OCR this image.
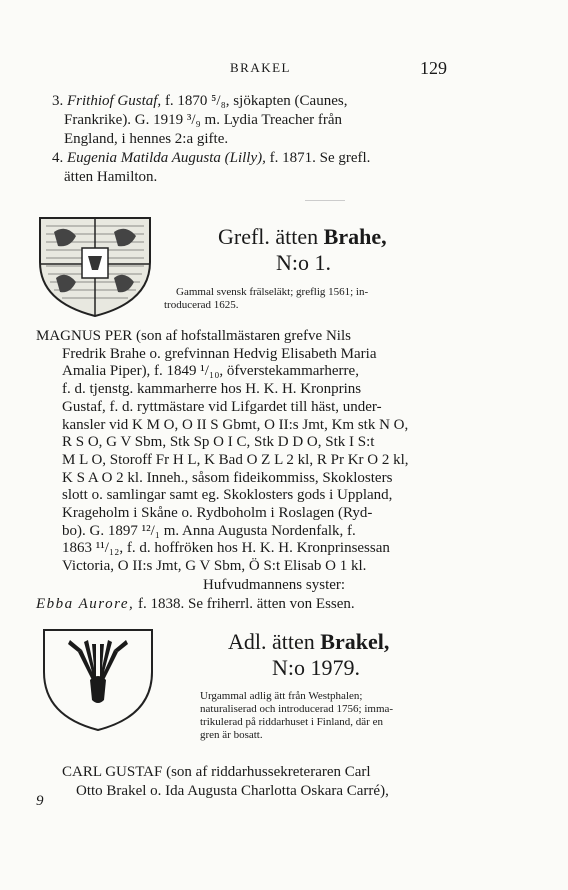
BRAKEL	129
3. Frithiof Gustaf, f. 1870 ⁵/₈, sjökapten (Caunes,
Frankrike). G. 1919 ³/₉ m. Lydia Treacher från
England, i hennes 2:a gifte.
4. Eugenia Matilda Augusta (Lilly), f. 1871. Se grefl.
ätten Hamilton.
Grefl. ätten Brahe,
N:o 1.
Gammal svensk frälseläkt; greflig 1561; in-
troducerad 1625.
MAGNUS PER (son af hofstallmästaren grefve Nils
Fredrik Brahe o. grefvinnan Hedvig Elisabeth Maria
Amalia Piper), f. 1849 ¹/₁₀, öfverstekammarherre,
f. d. tjenstg. kammarherre hos H. K. H. Kronprins
Gustaf, f. d. ryttmästare vid Lifgardet till häst, under-
kansler vid K M O, O II S Gbmt, O II:s Jmt, Km stk N O,
R S O, G V Sbm, Stk Sp O I C, Stk D D O, Stk I S:t
M L O, Storoff Fr H L, K Bad O Z L 2 kl, R Pr Kr O 2 kl,
K S A O 2 kl. Inneh., såsom fideikommiss, Skoklosters
slott o. samlingar samt eg. Skoklosters gods i Uppland,
Krageholm i Skåne o. Rydboholm i Roslagen (Ryd-
bo). G. 1897 ¹²/₁ m. Anna Augusta Nordenfalk, f.
1863 ¹¹/₁₂, f. d. hoffröken hos H. K. H. Kronprinsessan
Victoria, O II:s Jmt, G V Sbm, Ö S:t Elisab O 1 kl.
Hufvudmannens syster:
Ebba Aurore, f. 1838. Se friherrl. ätten von Essen.
Adl. ätten Brakel,
N:o 1979.
Urgammal adlig ätt från Westphalen;
naturaliserad och introducerad 1756; imma-
trikulerad på riddarhuset i Finland, där en
gren är bosatt.
CARL GUSTAF (son af riddarhussekreteraren Carl
Otto Brakel o. Ida Augusta Charlotta Oskara Carré),
9
